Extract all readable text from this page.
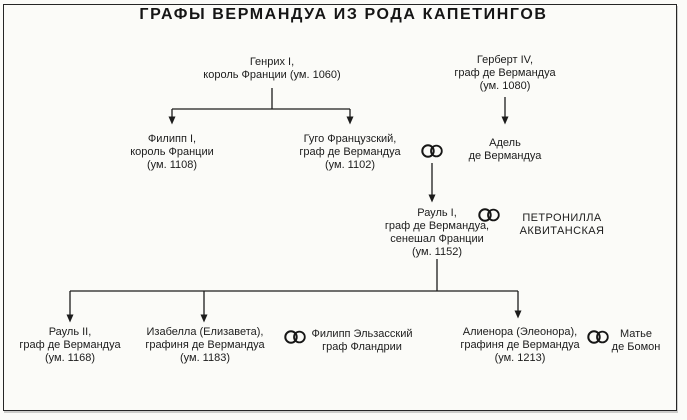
ГРАФЫ ВЕРМАНДУА ИЗ РОДА КАПЕТИНГОВ
Генрих I,
король Франции (ум. 1060)
Герберт IV,
граф де Вермандуа
(ум. 1080)
Филипп I,
король Франции
(ум. 1108)
Гуго Французский,
граф де Вермандуа
(ум. 1102)
Адель
де Вермандуа
Рауль I,
граф де Вермандуа,
сенешал Франции
(ум. 1152)
ПЕТРОНИЛЛА
АКВИТАНСКАЯ
Рауль II,
граф де Вермандуа
(ум. 1168)
Изабелла (Елизавета),
графиня де Вермандуа
(ум. 1183)
Филипп Эльзасский
граф Фландрии
Алиенора (Элеонора),
графиня де Вермандуа
(ум. 1213)
Матье
де Бомон
